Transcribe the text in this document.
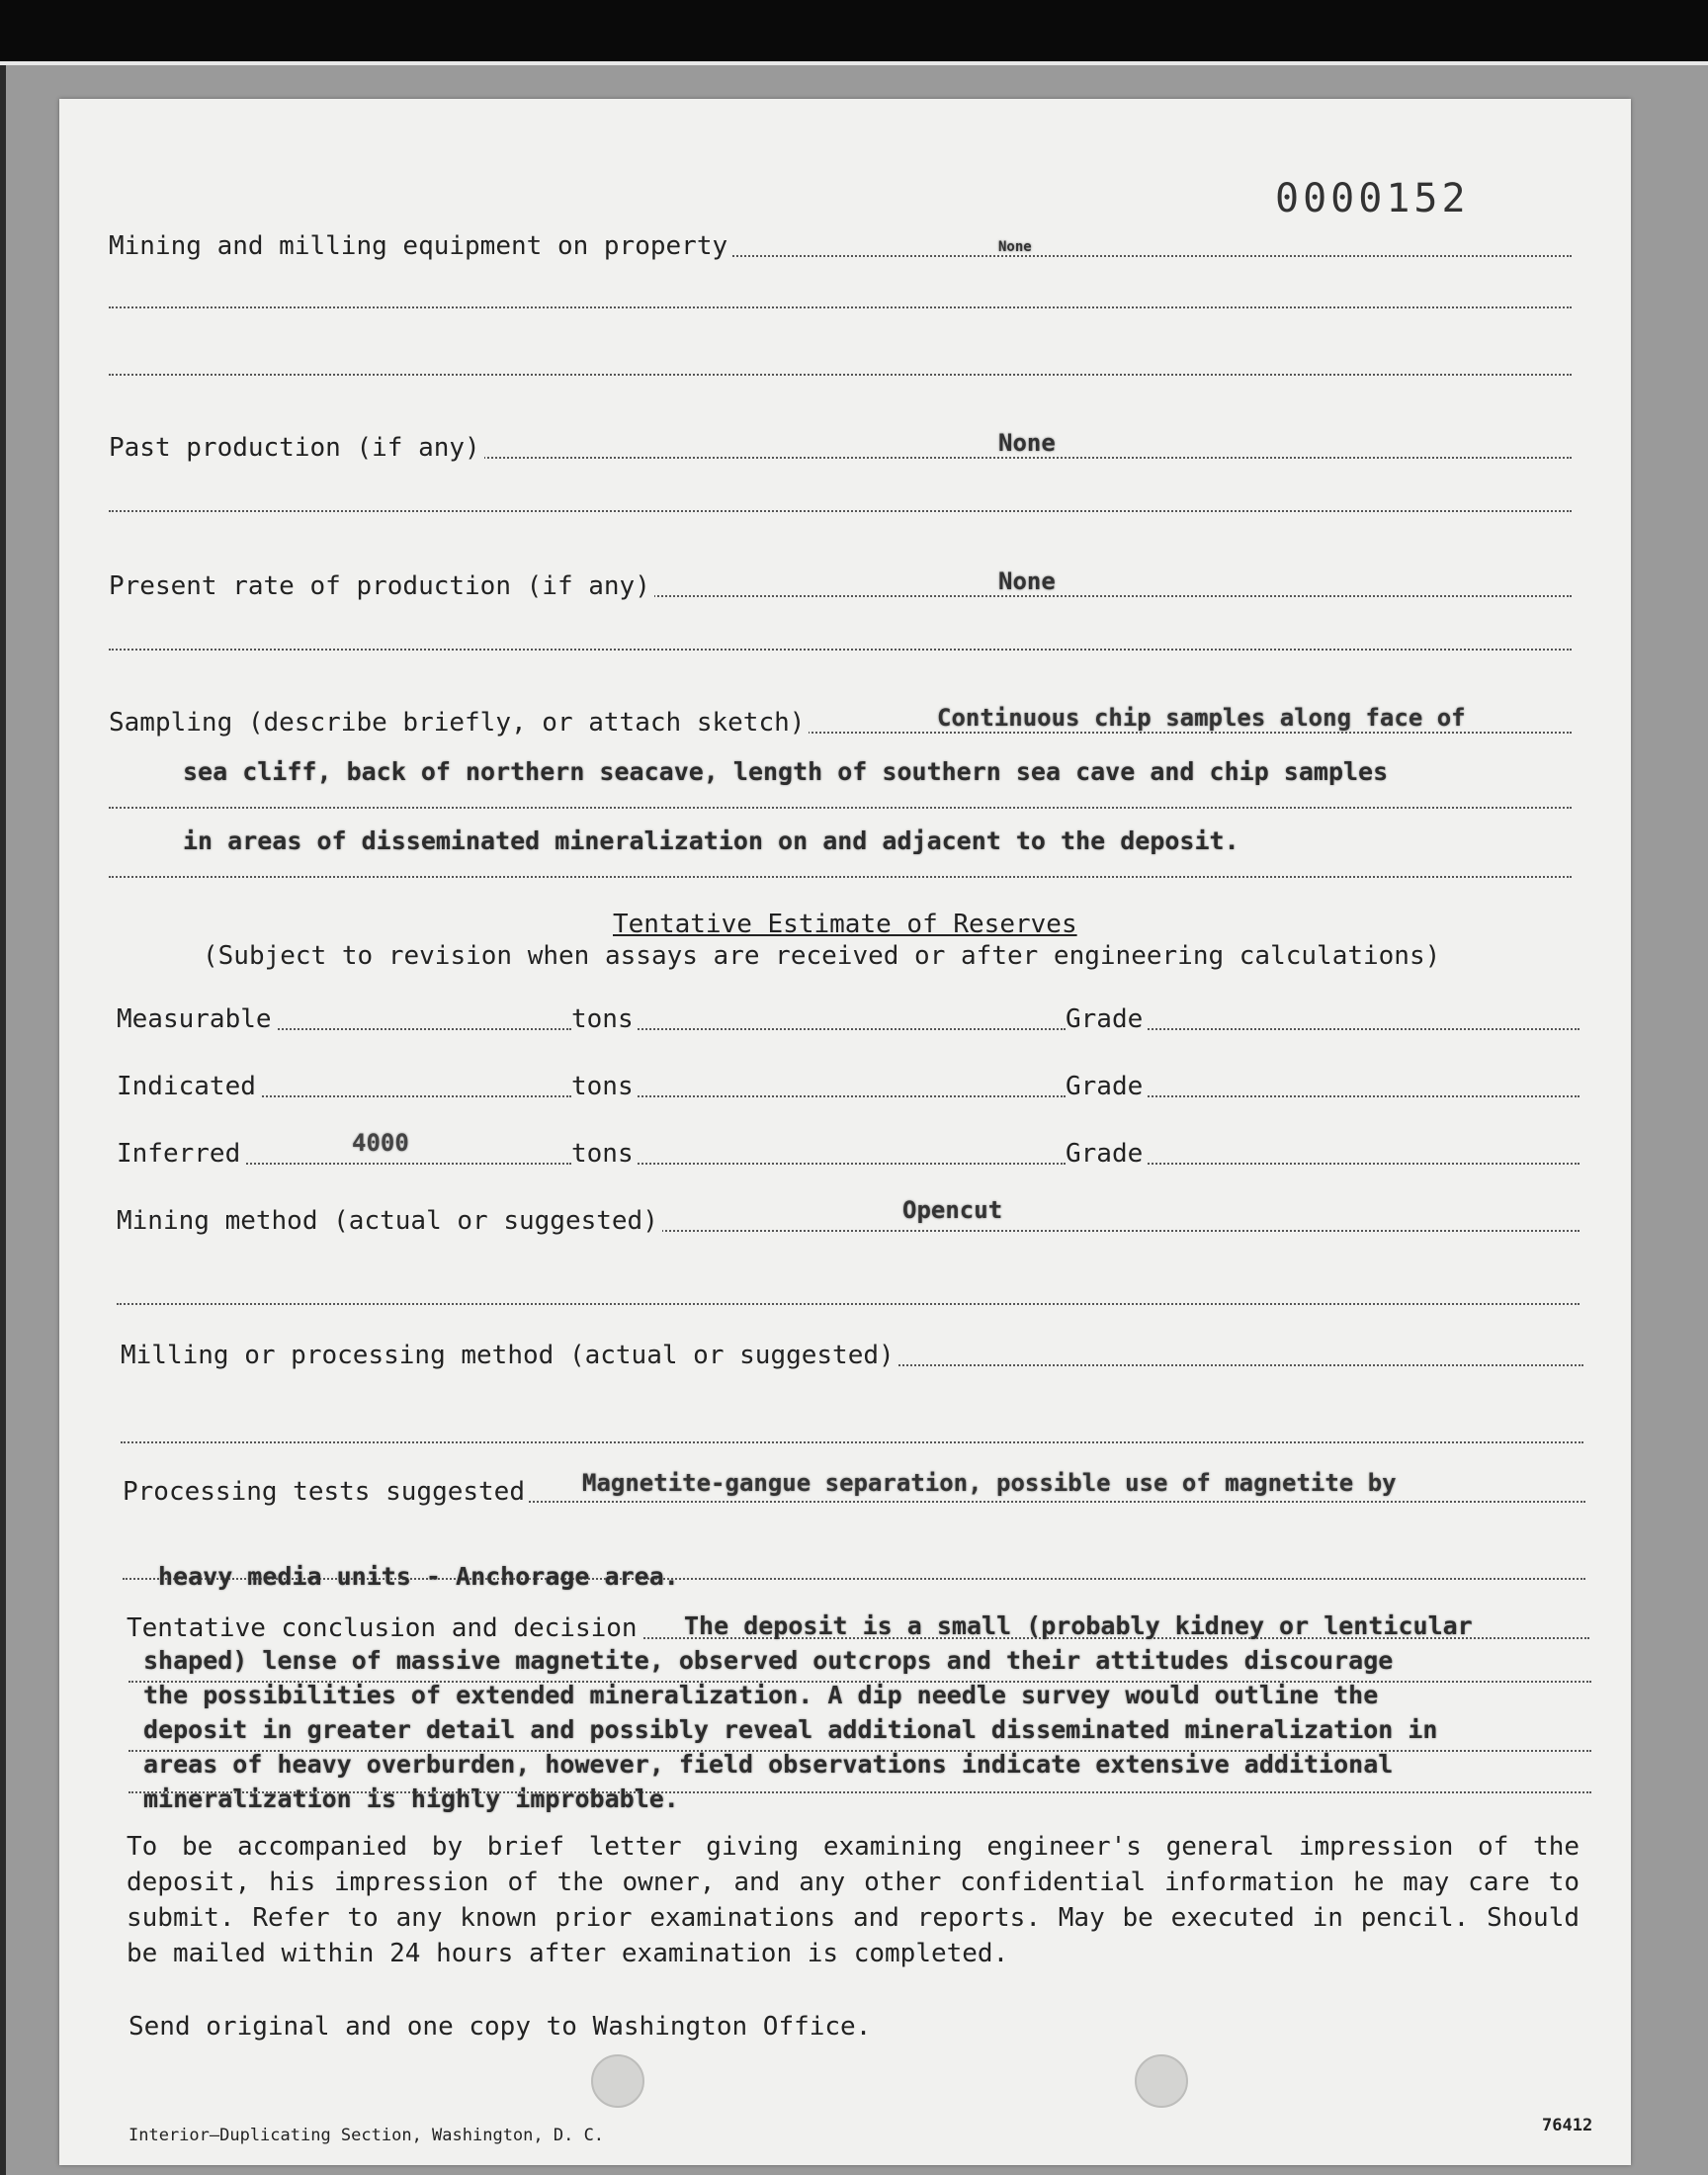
0000152
Mining and milling equipment on property	None
Past production (if any)	None
Present rate of production (if any)	None
Sampling (describe briefly, or attach sketch)	Continuous chip samples along face of
sea cliff, back of northern seacave, length of southern sea cave and chip samples
in areas of disseminated mineralization on and adjacent to the deposit.
Tentative Estimate of Reserves
(Subject to revision when assays are received or after engineering calculations)
Measurable	tons	Grade
Indicated	tons	Grade
Inferred	4000	tons	Grade
Mining method (actual or suggested)	Opencut
Milling or processing method (actual or suggested)
Processing tests suggested Magnetite-gangue separation, possible use of magnetite by
heavy media units - Anchorage area.
Tentative conclusion and decision The deposit is a small (probably kidney or lenticular
shaped) lense of massive magnetite, observed outcrops and their attitudes discourage
the possibilities of extended mineralization. A dip needle survey would outline the
deposit in greater detail and possibly reveal additional disseminated mineralization in
areas of heavy overburden, however, field observations indicate extensive additional
mineralization is highly improbable.
To be accompanied by brief letter giving examining engineer's general impression of the deposit, his impression of the owner, and any other confidential information he may care to submit. Refer to any known prior examinations and reports. May be executed in pencil. Should be mailed within 24 hours after examination is completed.
Send original and one copy to Washington Office.
Interior—Duplicating Section, Washington, D. C.	76412
